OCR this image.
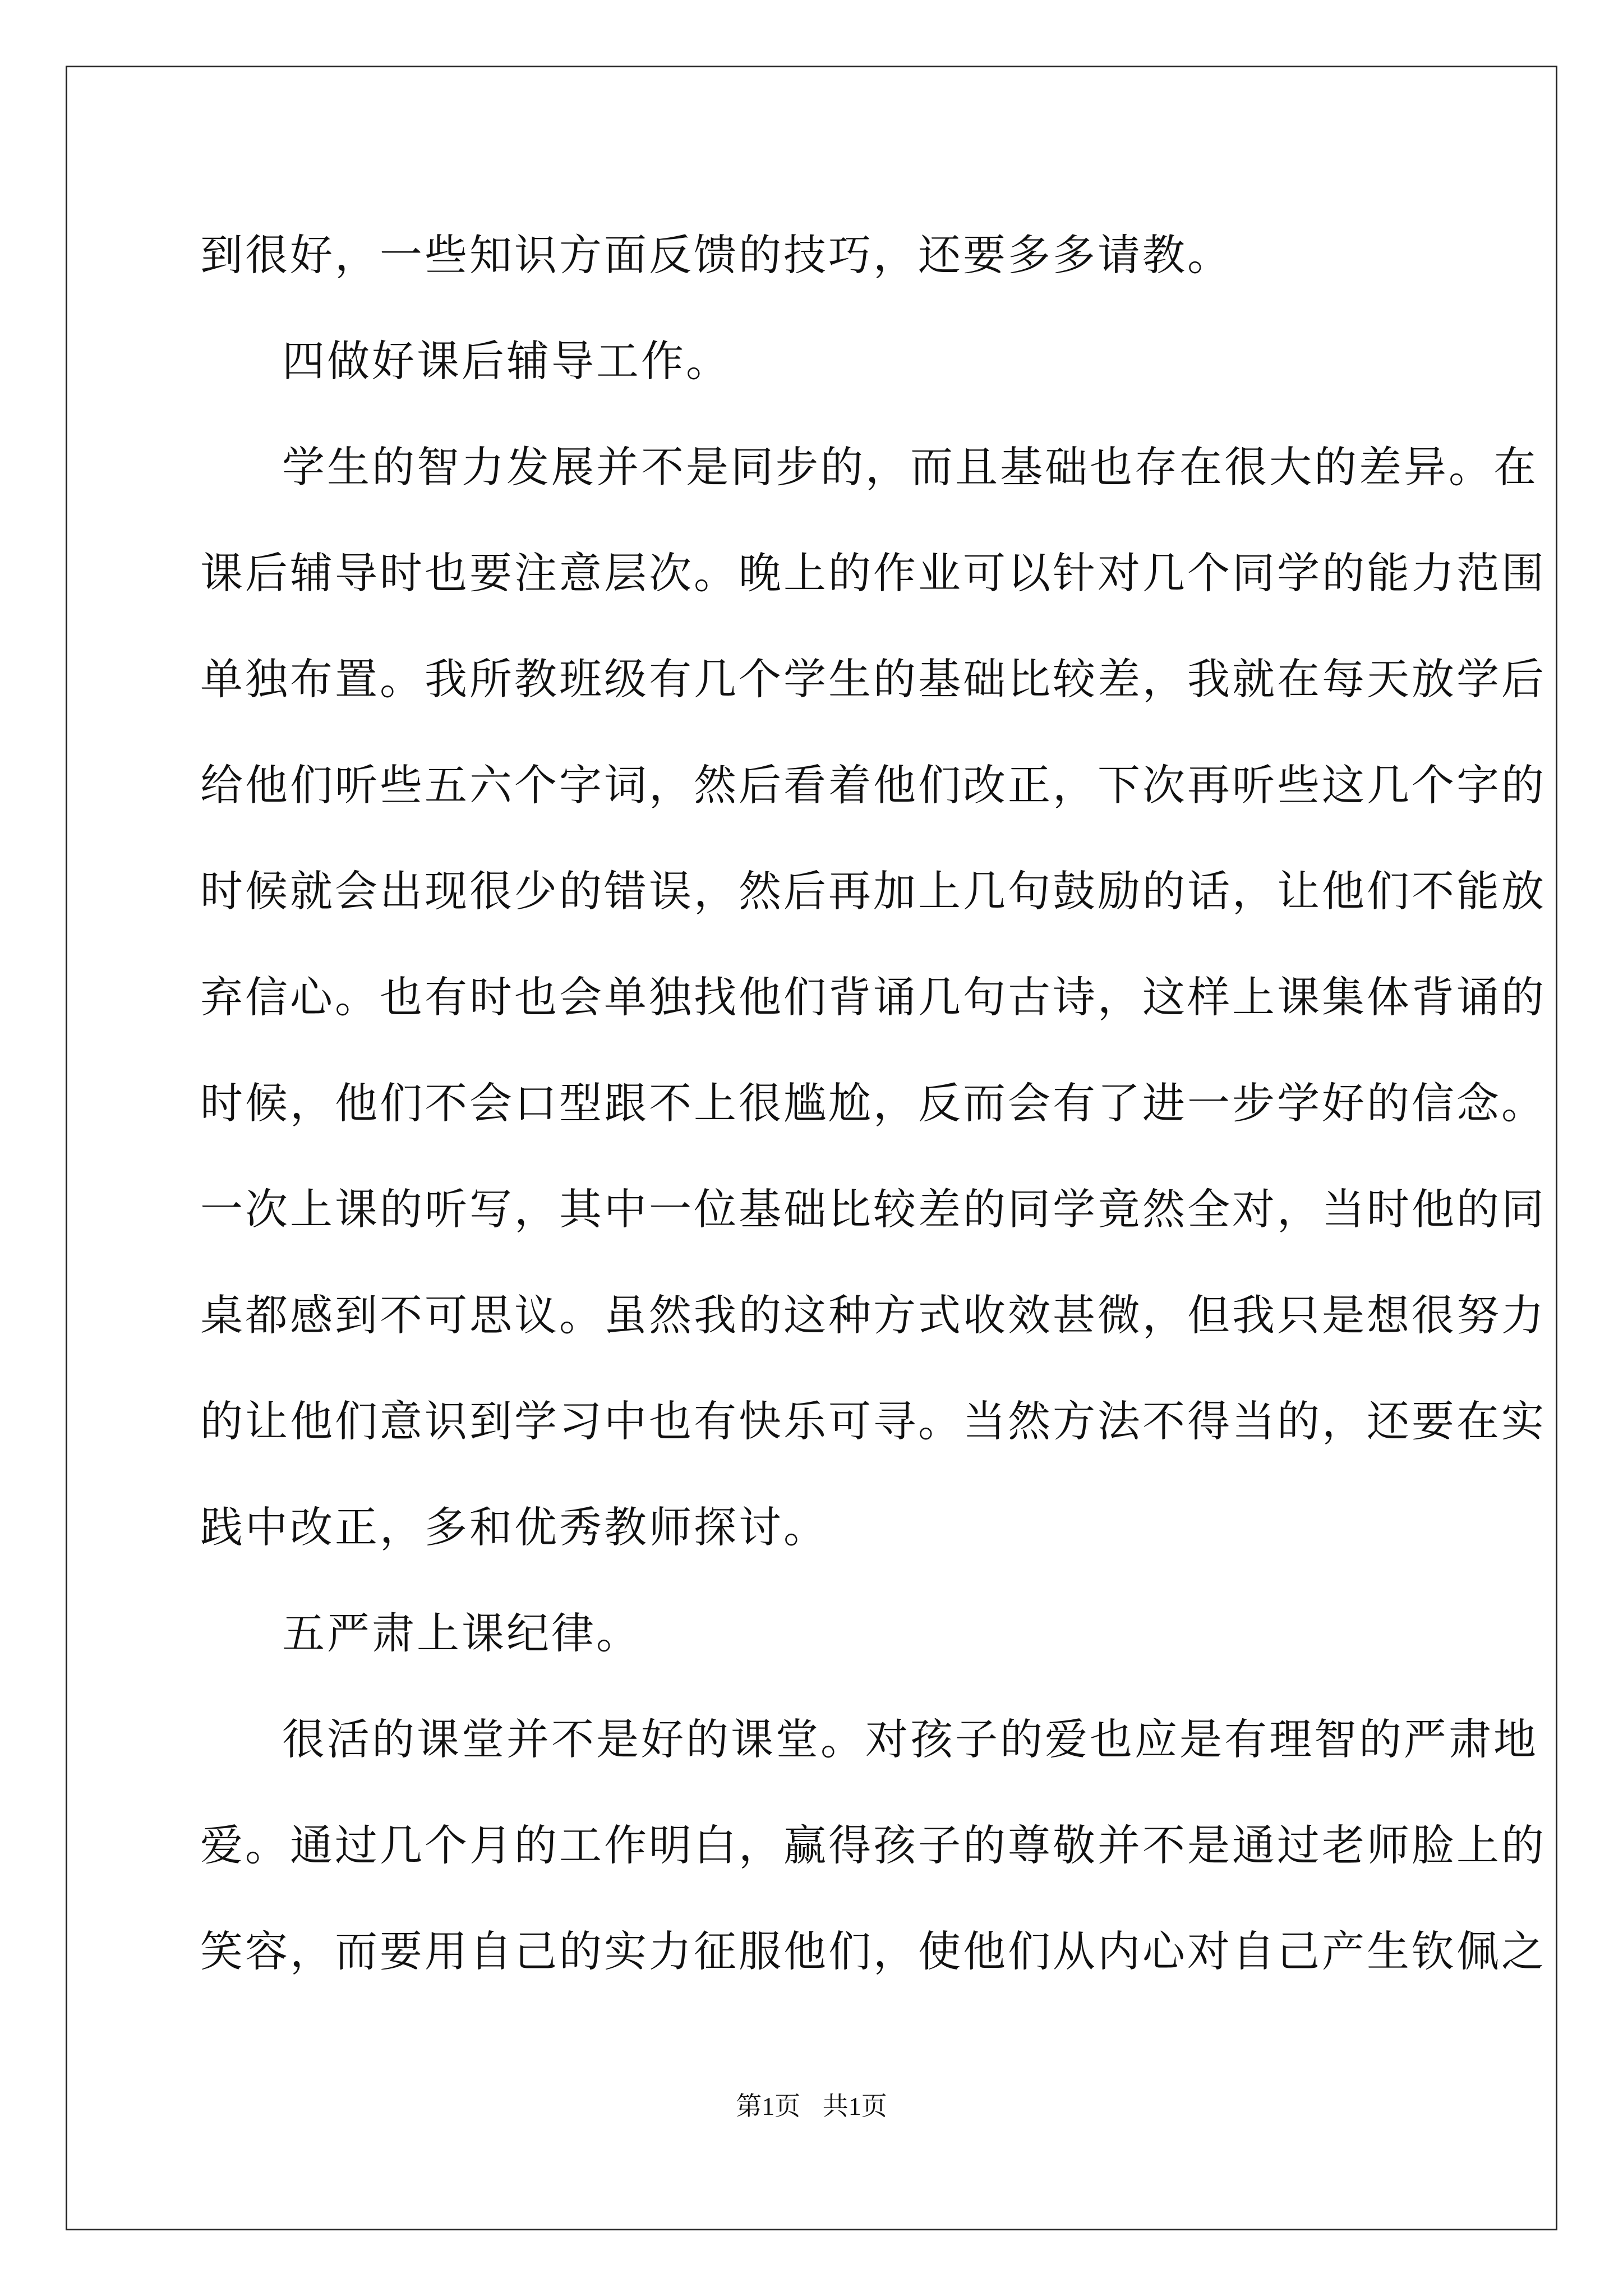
到很好，一些知识方面反馈的技巧，还要多多请教。
四做好课后辅导工作。
学生的智力发展并不是同步的，而且基础也存在很大的差异。在
课后辅导时也要注意层次。晚上的作业可以针对几个同学的能力范围
单独布置。我所教班级有几个学生的基础比较差，我就在每天放学后
给他们听些五六个字词，然后看着他们改正，下次再听些这几个字的
时候就会出现很少的错误，然后再加上几句鼓励的话，让他们不能放
弃信心。也有时也会单独找他们背诵几句古诗，这样上课集体背诵的
时候，他们不会口型跟不上很尴尬，反而会有了进一步学好的信念。
一次上课的听写，其中一位基础比较差的同学竟然全对，当时他的同
桌都感到不可思议。虽然我的这种方式收效甚微，但我只是想很努力
的让他们意识到学习中也有快乐可寻。当然方法不得当的，还要在实
践中改正，多和优秀教师探讨。
五严肃上课纪律。
很活的课堂并不是好的课堂。对孩子的爱也应是有理智的严肃地
爱。通过几个月的工作明白，赢得孩子的尊敬并不是通过老师脸上的
笑容，而要用自己的实力征服他们，使他们从内心对自己产生钦佩之
第1页 共1页
